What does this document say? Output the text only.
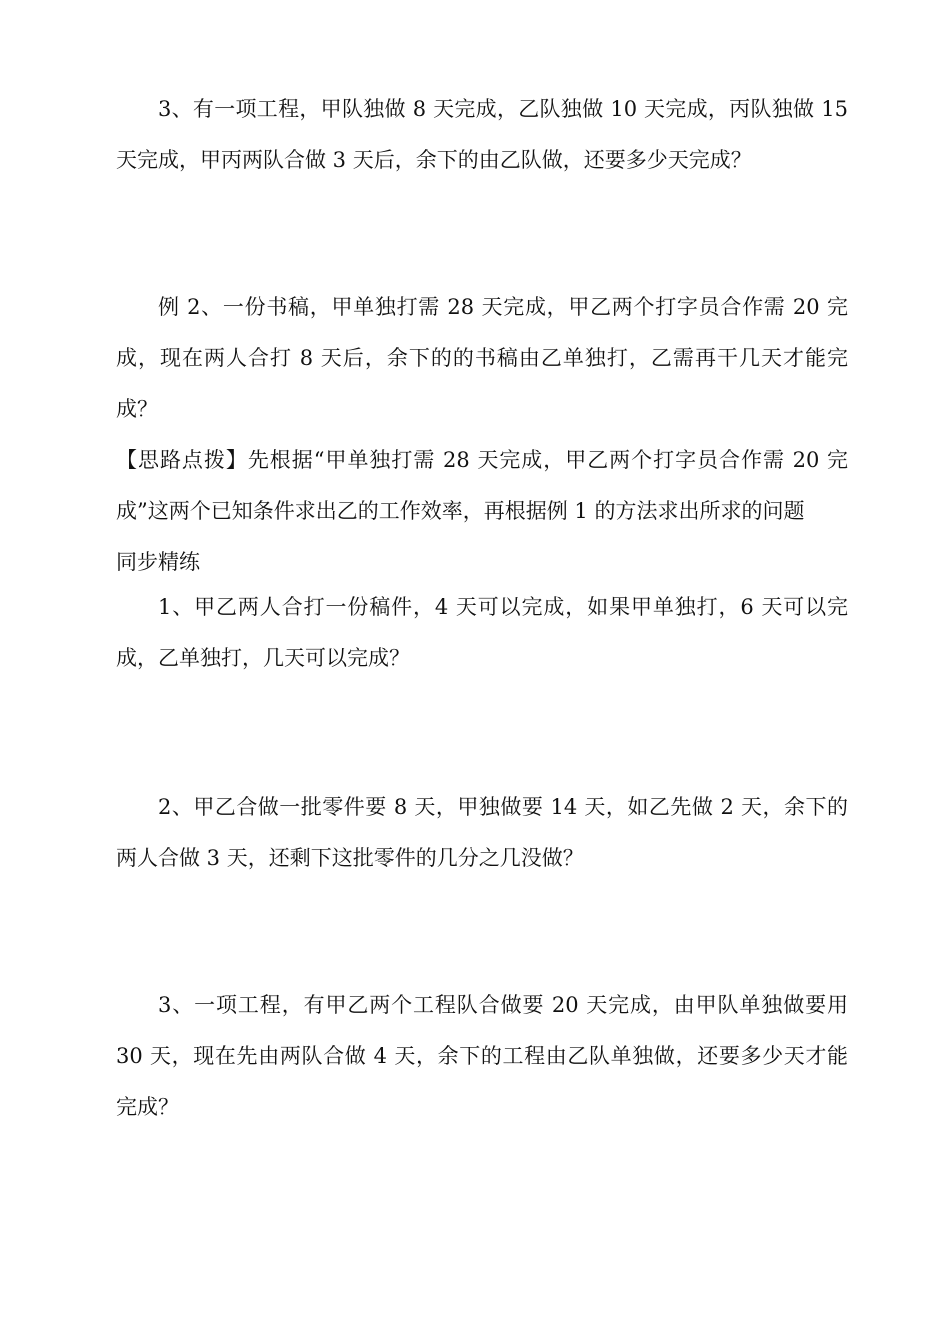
3、有一项工程，甲队独做 8 天完成，乙队独做 10 天完成，丙队独做 15 天完成，甲丙两队合做 3 天后，余下的由乙队做，还要多少天完成？

例 2、一份书稿，甲单独打需 28 天完成，甲乙两个打字员合作需 20 完成，现在两人合打 8 天后，余下的的书稿由乙单独打，乙需再干几天才能完成？

【思路点拨】先根据“甲单独打需 28 天完成，甲乙两个打字员合作需 20 完成”这两个已知条件求出乙的工作效率，再根据例 1 的方法求出所求的问题

同步精练

1、甲乙两人合打一份稿件，4 天可以完成，如果甲单独打，6 天可以完成，乙单独打，几天可以完成？

2、甲乙合做一批零件要 8 天，甲独做要 14 天，如乙先做 2 天，余下的两人合做 3 天，还剩下这批零件的几分之几没做？

3、一项工程，有甲乙两个工程队合做要 20 天完成，由甲队单独做要用 30 天，现在先由两队合做 4 天，余下的工程由乙队单独做，还要多少天才能完成？
